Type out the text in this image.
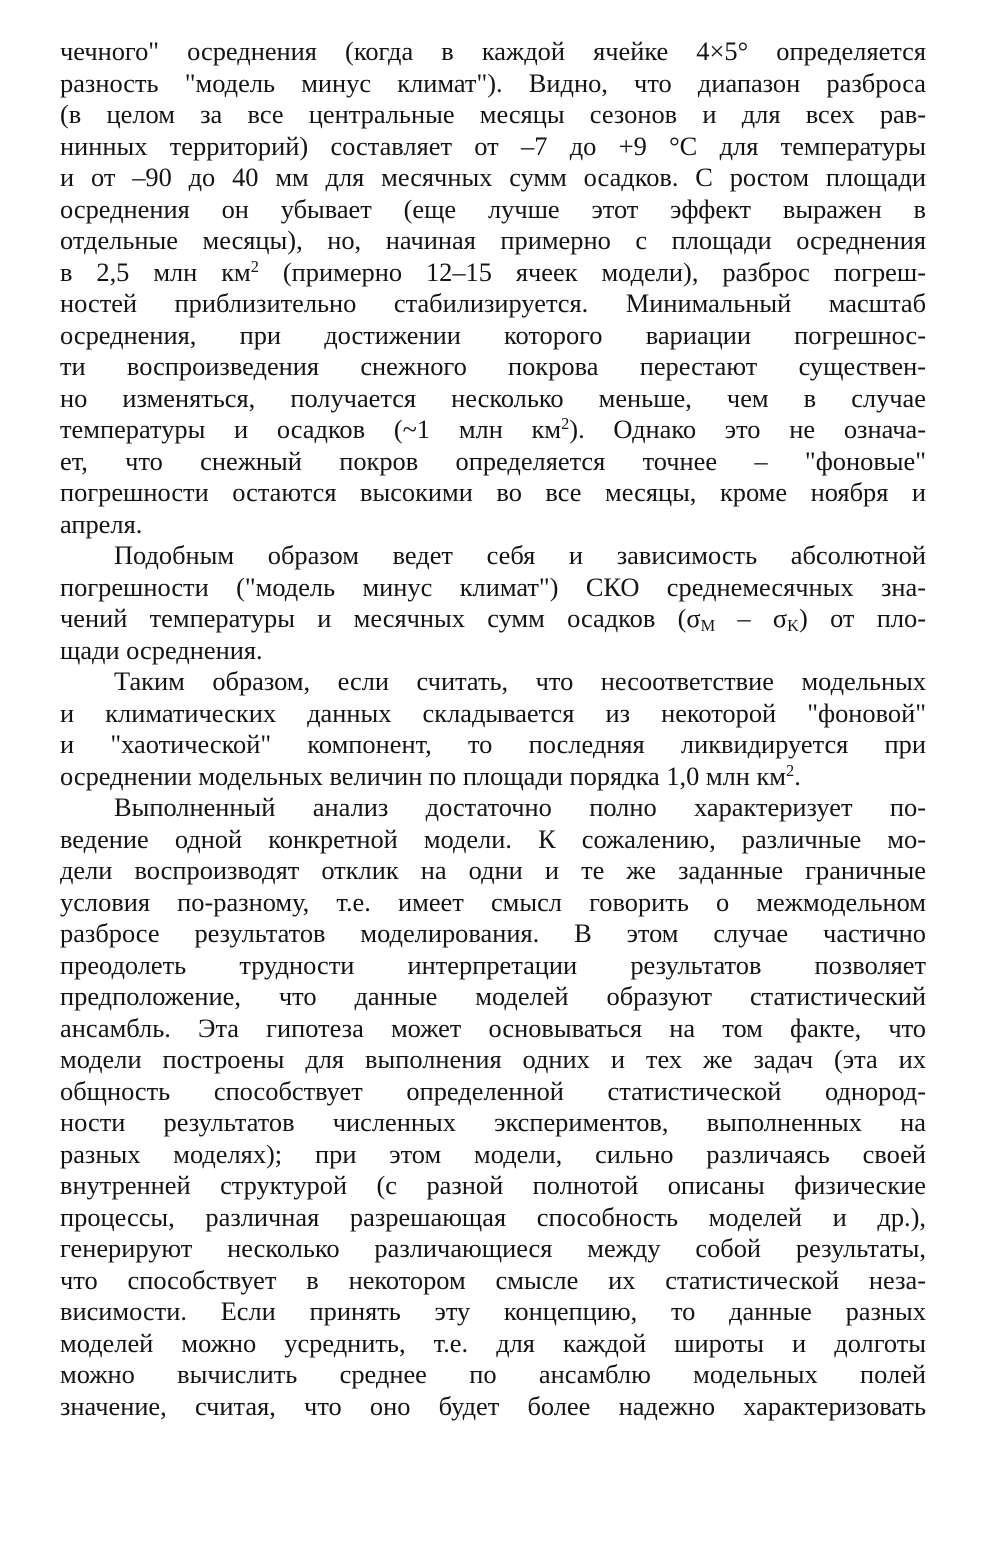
чечного" осреднения (когда в каждой ячейке 4×5° определяется
разность "модель минус климат"). Видно, что диапазон разброса
(в целом за все центральные месяцы сезонов и для всех рав-
нинных территорий) составляет от –7 до +9 °С для температуры
и от –90 до 40 мм для месячных сумм осадков. С ростом площади
осреднения он убывает (еще лучше этот эффект выражен в
отдельные месяцы), но, начиная примерно с площади осреднения
в 2,5 млн $км^2$ (примерно 12–15 ячеек модели), разброс погреш-
ностей приблизительно стабилизируется. Минимальный масштаб
осреднения, при достижении которого вариации погрешнос-
ти воспроизведения снежного покрова перестают существен-
но изменяться, получается несколько меньше, чем в случае
температуры и осадков (~1 млн $км^2$). Однако это не означа-
ет, что снежный покров определяется точнее – "фоновые"
погрешности остаются высокими во все месяцы, кроме ноября и
апреля.
Подобным образом ведет себя и зависимость абсолютной
погрешности ("модель минус климат") СКО среднемесячных зна-
чений температуры и месячных сумм осадков $(\sigma_M - \sigma_K)$ от пло-
щади осреднения.
Таким образом, если считать, что несоответствие модельных
и климатических данных складывается из некоторой "фоновой"
и "хаотической" компонент, то последняя ликвидируется при
осреднении модельных величин по площади порядка 1,0 млн $км^2$.
Выполненный анализ достаточно полно характеризует по-
ведение одной конкретной модели. К сожалению, различные мо-
дели воспроизводят отклик на одни и те же заданные граничные
условия по-разному, т.е. имеет смысл говорить о межмодельном
разбросе результатов моделирования. В этом случае частично
преодолеть трудности интерпретации результатов позволяет
предположение, что данные моделей образуют статистический
ансамбль. Эта гипотеза может основываться на том факте, что
модели построены для выполнения одних и тех же задач (эта их
общность способствует определенной статистической однород-
ности результатов численных экспериментов, выполненных на
разных моделях); при этом модели, сильно различаясь своей
внутренней структурой (с разной полнотой описаны физические
процессы, различная разрешающая способность моделей и др.),
генерируют несколько различающиеся между собой результаты,
что способствует в некотором смысле их статистической неза-
висимости. Если принять эту концепцию, то данные разных
моделей можно усреднить, т.е. для каждой широты и долготы
можно вычислить среднее по ансамблю модельных полей
значение, считая, что оно будет более надежно характеризовать
